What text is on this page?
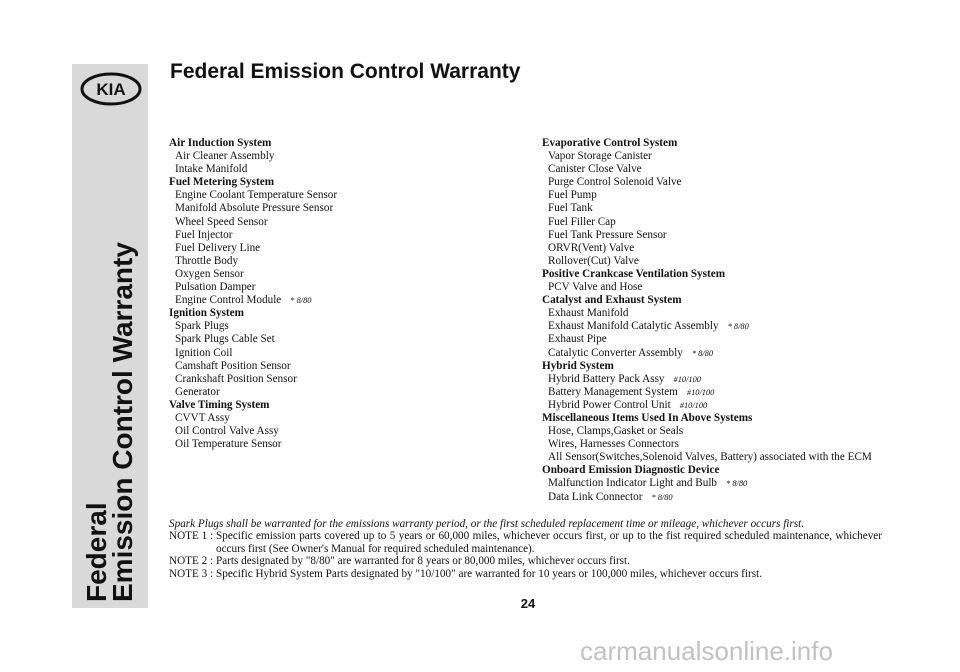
KIA
Federal
Emission Control Warranty
Federal Emission Control Warranty
Air Induction System
Air Cleaner Assembly
Intake Manifold
Fuel Metering System
Engine Coolant Temperature Sensor
Manifold Absolute Pressure Sensor
Wheel Speed Sensor
Fuel Injector
Fuel Delivery Line
Throttle Body
Oxygen Sensor
Pulsation Damper
Engine Control Module * 8/80
Ignition System
Spark Plugs
Spark Plugs Cable Set
Ignition Coil
Camshaft Position Sensor
Crankshaft Position Sensor
Generator
Valve Timing System
CVVT Assy
Oil Control Valve Assy
Oil Temperature Sensor
Evaporative Control System
Vapor Storage Canister
Canister Close Valve
Purge Control Solenoid Valve
Fuel Pump
Fuel Tank
Fuel Filler Cap
Fuel Tank Pressure Sensor
ORVR(Vent) Valve
Rollover(Cut) Valve
Positive Crankcase Ventilation System
PCV Valve and Hose
Catalyst and Exhaust System
Exhaust Manifold
Exhaust Manifold Catalytic Assembly * 8/80
Exhaust Pipe
Catalytic Converter Assembly * 8/80
Hybrid System
Hybrid Battery Pack Assy #10/100
Battery Management System #10/100
Hybrid Power Control Unit #10/100
Miscellaneous Items Used In Above Systems
Hose, Clamps,Gasket or Seals
Wires, Harnesses Connectors
All Sensor(Switches,Solenoid Valves, Battery) associated with the ECM
Onboard Emission Diagnostic Device
Malfunction Indicator Light and Bulb * 8/80
Data Link Connector * 8/80
Spark Plugs shall be warranted for the emissions warranty period, or the first scheduled replacement time or mileage, whichever occurs first.
NOTE 1 : Specific emission parts covered up to 5 years or 60,000 miles, whichever occurs first, or up to the fist required scheduled maintenance, whichever occurs first (See Owner's Manual for required scheduled maintenance).
NOTE 2 : Parts designated by "8/80" are warranted for 8 years or 80,000 miles, whichever occurs first.
NOTE 3 : Specific Hybrid System Parts designated by "10/100" are warranted for 10 years or 100,000 miles, whichever occurs first.
24
carmanualsonline.info
